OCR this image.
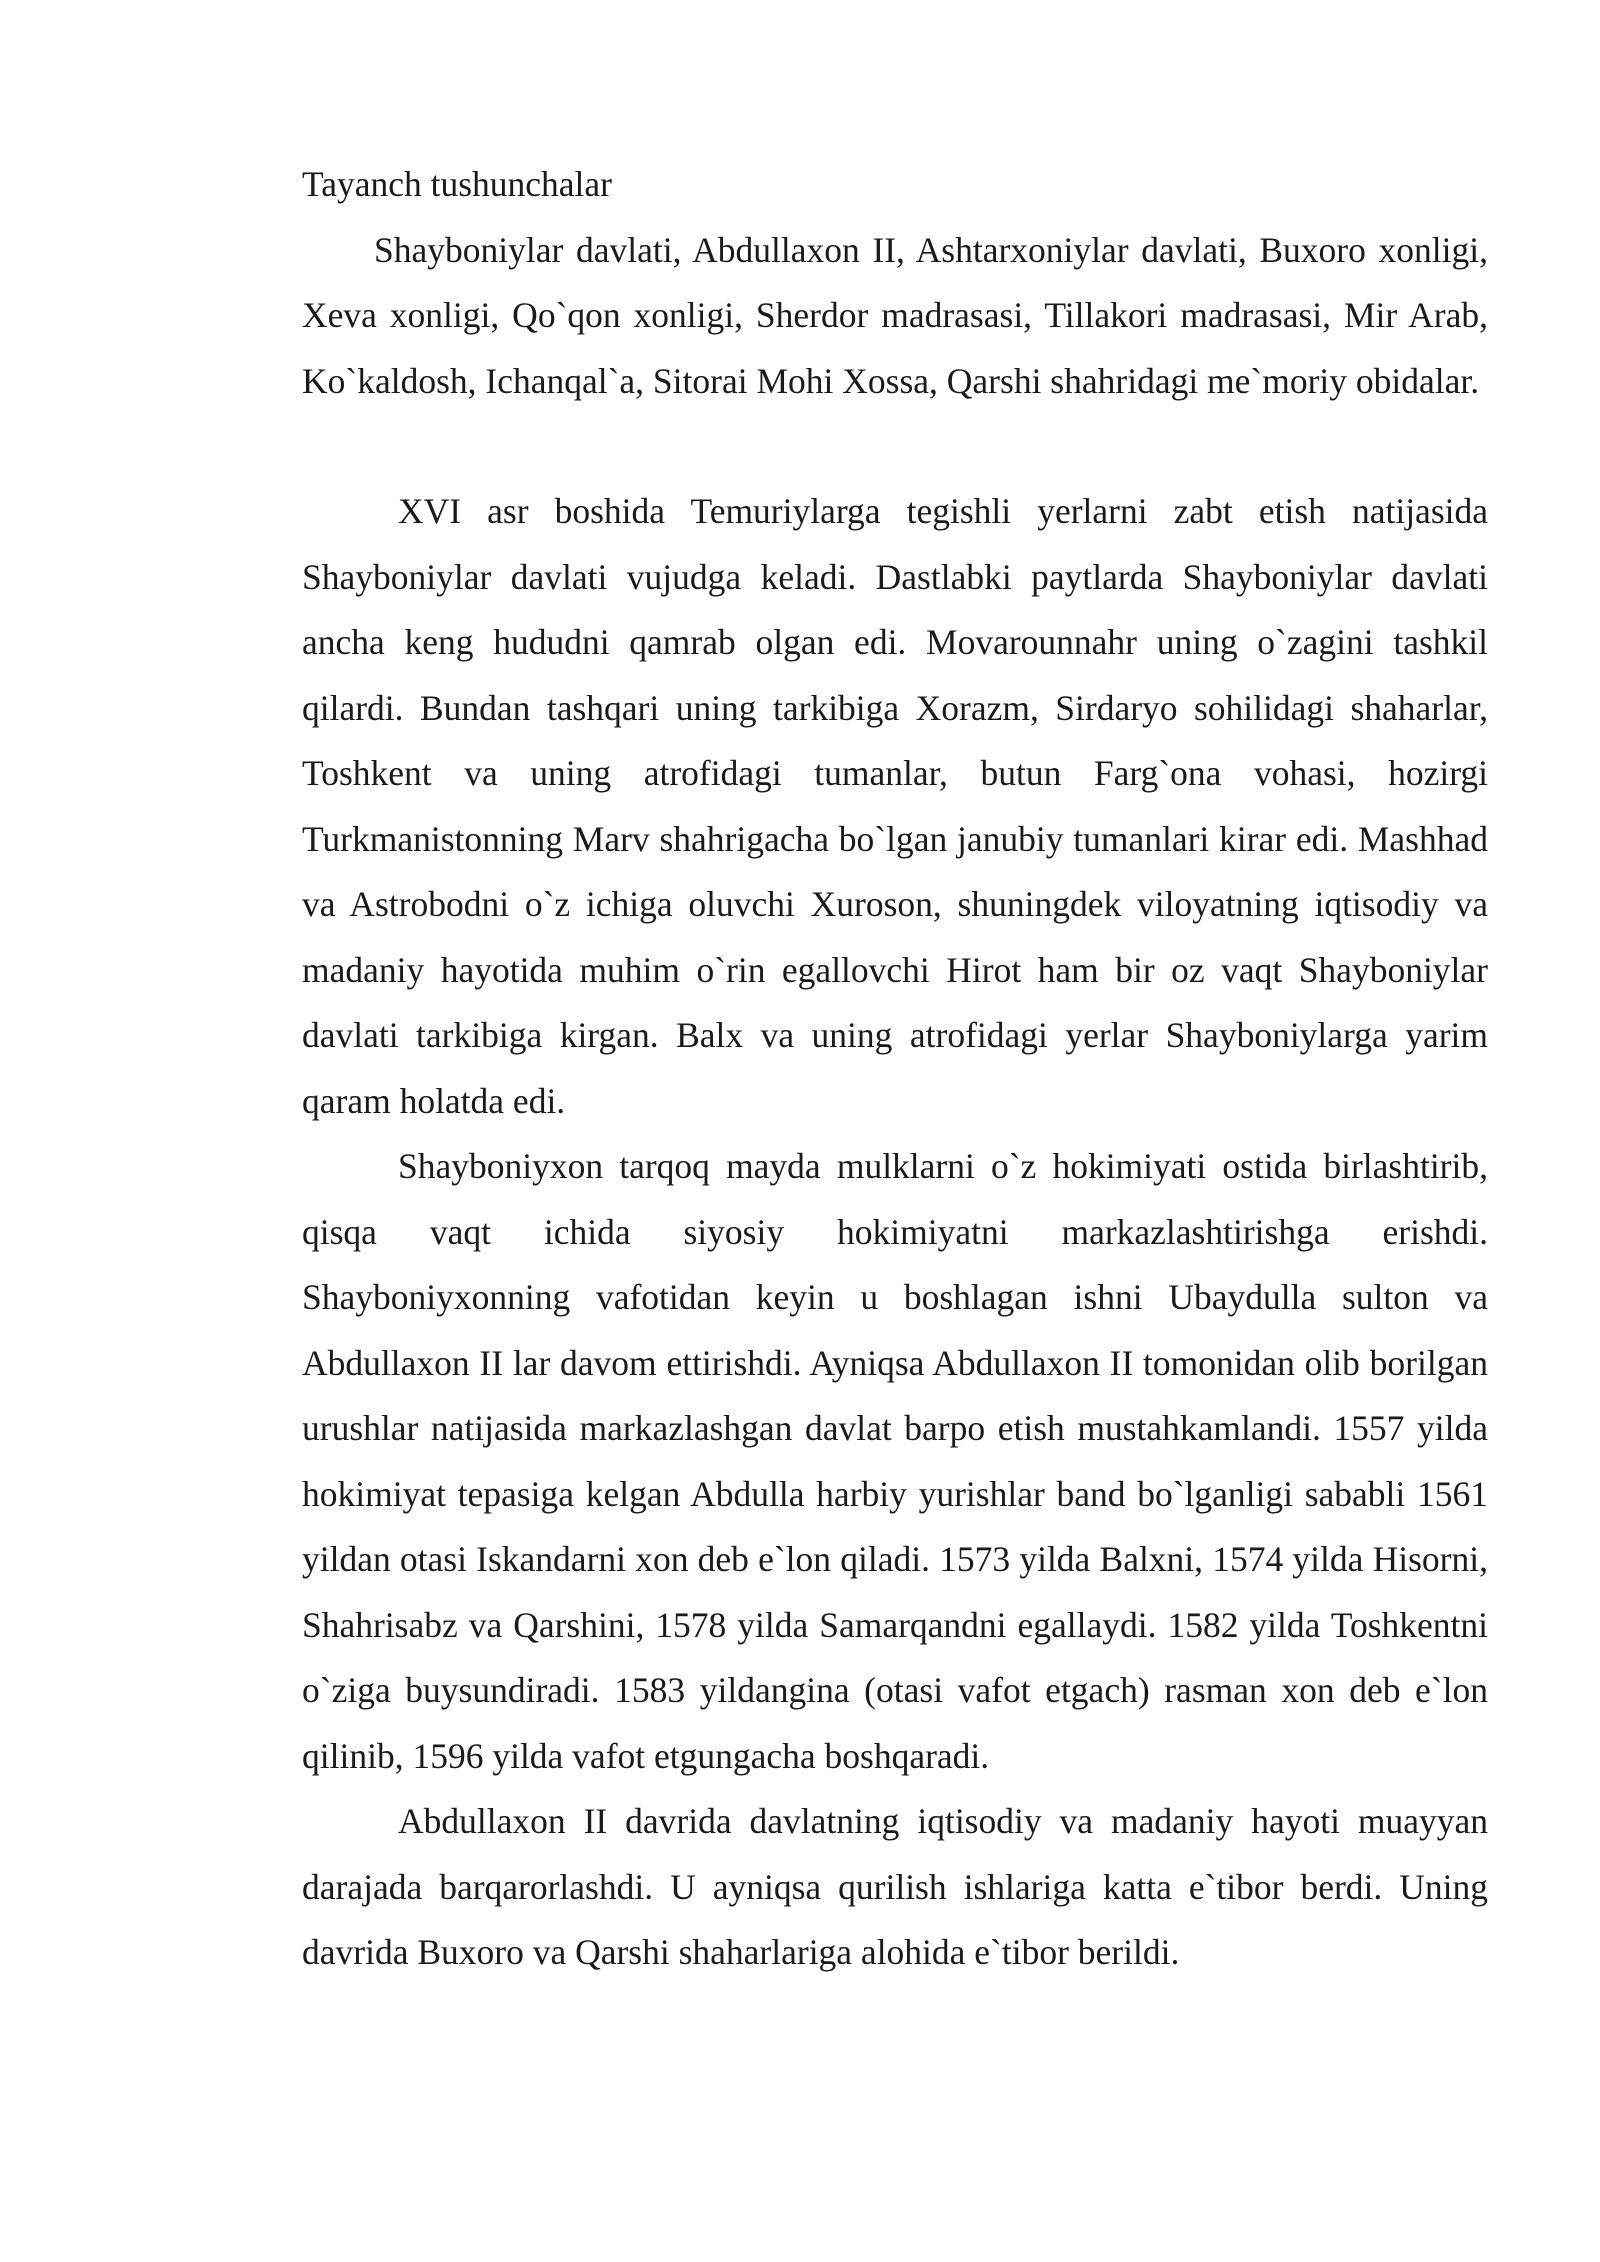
Tayanch tushunchalar

Shayboniylar davlati, Abdullaxon II, Ashtarxoniylar davlati, Buxoro xonligi, Xeva xonligi, Qo`qon xonligi, Sherdor madrasasi, Tillakori madrasasi, Mir Arab, Ko`kaldosh, Ichanqal`a, Sitorai Mohi Xossa, Qarshi shahridagi me`moriy obidalar.

XVI asr boshida Temuriylarga tegishli yerlarni zabt etish natijasida Shayboniylar davlati vujudga keladi. Dastlabki paytlarda Shayboniylar davlati ancha keng hududni qamrab olgan edi. Movarounnahr uning o`zagini tashkil qilardi. Bundan tashqari uning tarkibiga Xorazm, Sirdaryo sohilidagi shaharlar, Toshkent va uning atrofidagi tumanlar, butun Farg`ona vohasi, hozirgi Turkmanistonning Marv shahrigacha bo`lgan janubiy tumanlari kirar edi. Mashhad va Astrobodni o`z ichiga oluvchi Xuroson, shuningdek viloyatning iqtisodiy va madaniy hayotida muhim o`rin egallovchi Hirot ham bir oz vaqt Shayboniylar davlati tarkibiga kirgan. Balx va uning atrofidagi yerlar Shayboniylarga yarim qaram holatda edi.

Shayboniyxon tarqoq mayda mulklarni o`z hokimiyati ostida birlashtirib, qisqa vaqt ichida siyosiy hokimiyatni markazlashtirishga erishdi. Shayboniyxonning vafotidan keyin u boshlagan ishni Ubaydulla sulton va Abdullaxon II lar davom ettirishdi. Ayniqsa Abdullaxon II tomonidan olib borilgan urushlar natijasida markazlashgan davlat barpo etish mustahkamlandi. 1557 yilda hokimiyat tepasiga kelgan Abdulla harbiy yurishlar band bo`lganligi sababli 1561 yildan otasi Iskandarni xon deb e`lon qiladi. 1573 yilda Balxni, 1574 yilda Hisorni, Shahrisabz va Qarshini, 1578 yilda Samarqandni egallaydi. 1582 yilda Toshkentni o`ziga buysundiradi. 1583 yildangina (otasi vafot etgach) rasman xon deb e`lon qilinib, 1596 yilda vafot etgungacha boshqaradi.

Abdullaxon II davrida davlatning iqtisodiy va madaniy hayoti muayyan darajada barqarorlashdi. U ayniqsa qurilish ishlariga katta e`tibor berdi. Uning davrida Buxoro va Qarshi shaharlariga alohida e`tibor berildi.
